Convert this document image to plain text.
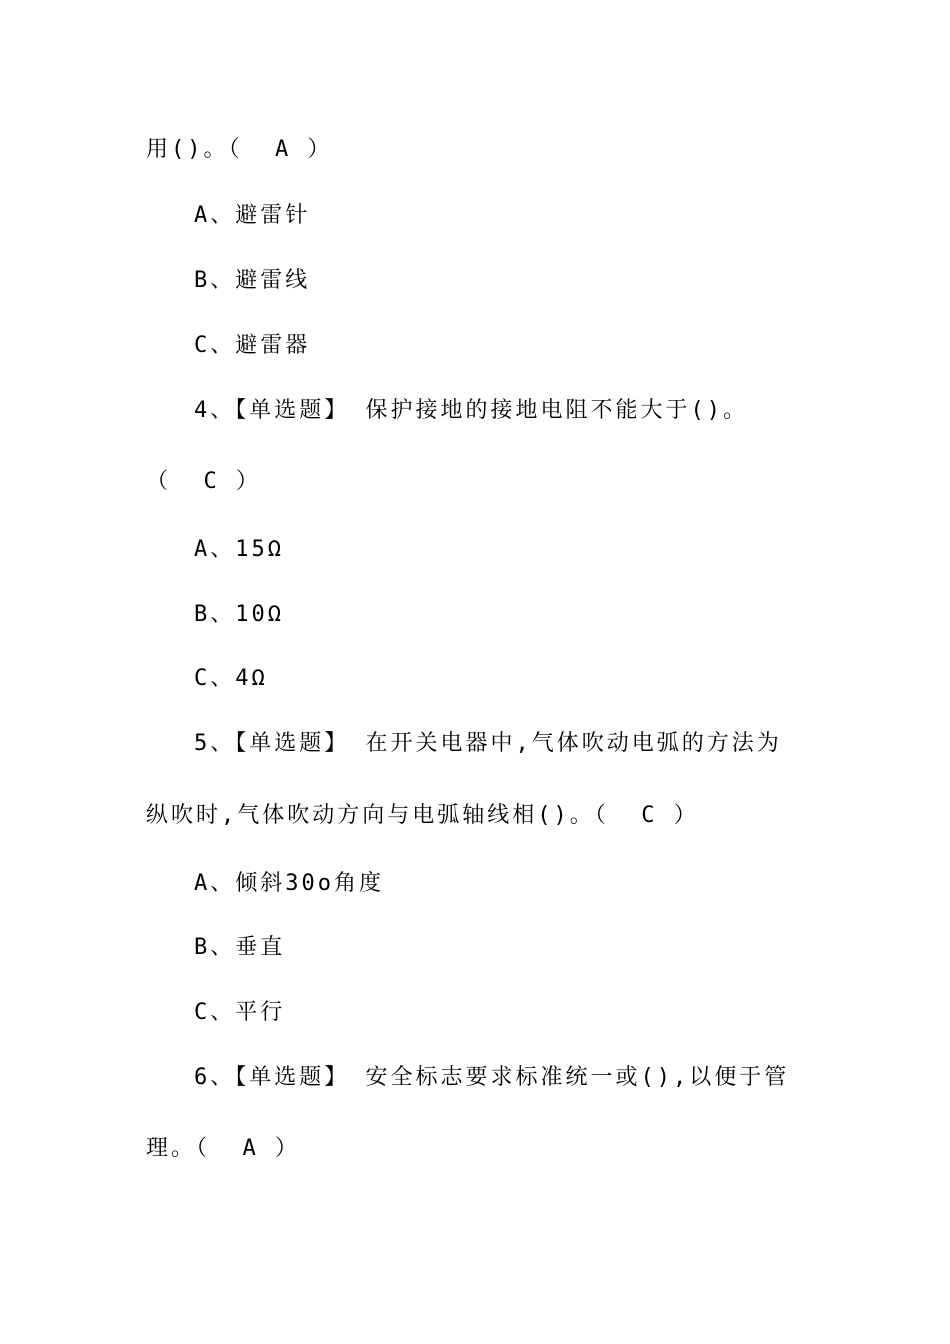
用()。（  A ）
A、避雷针
B、避雷线
C、避雷器
4、【单选题】 保护接地的接地电阻不能大于()。
（  C ）
A、15Ω
B、10Ω
C、4Ω
5、【单选题】 在开关电器中,气体吹动电弧的方法为
纵吹时,气体吹动方向与电弧轴线相()。（  C ）
A、倾斜30o角度
B、垂直
C、平行
6、【单选题】 安全标志要求标准统一或(),以便于管
理。（  A ）
